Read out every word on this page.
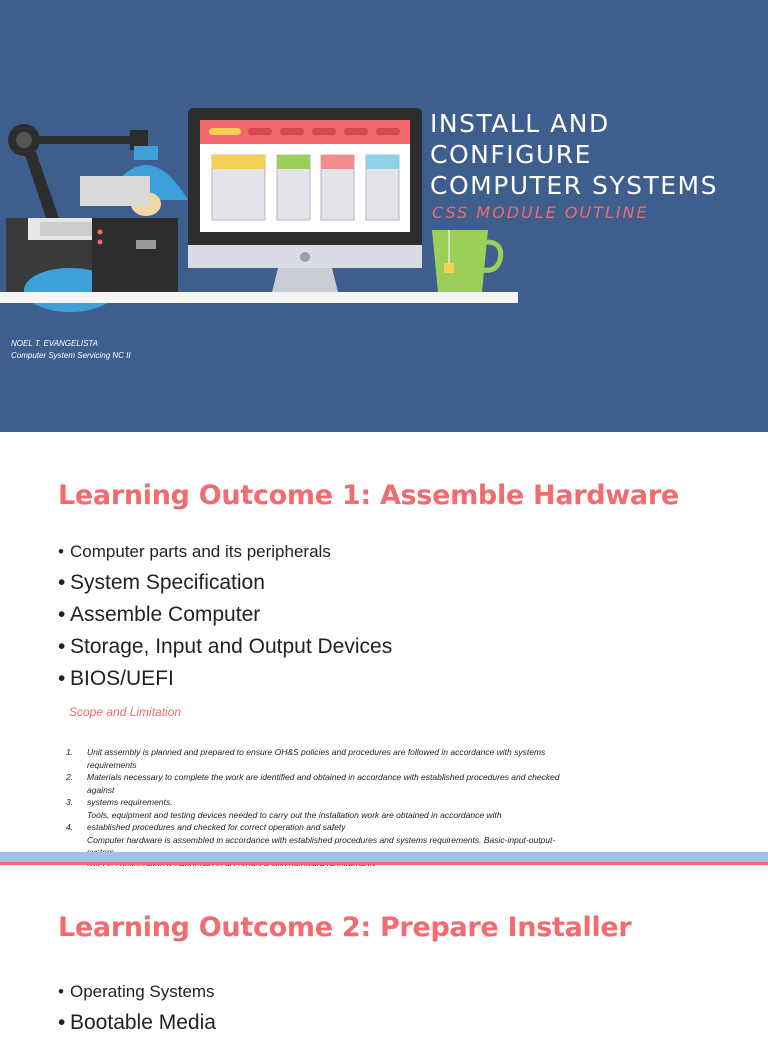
INSTALL AND
CONFIGURE
COMPUTER SYSTEMS
CSS MODULE OUTLINE
NOEL T. EVANGELISTA
Computer System Servicing NC II
Learning Outcome 1: Assemble Hardware
• Computer parts and its peripherals
• System Specification
• Assemble Computer
• Storage, Input and Output Devices
• BIOS/UEFI
Scope and Limitation
1. Unit assembly is planned and prepared to ensure OH&S policies and procedures are followed in accordance with systems
requirements
2. Materials necessary to complete the work are identified and obtained in accordance with established procedures and checked
against
3. systems requirements.
Tools, equipment and testing devices needed to carry out the installation work are obtained in accordance with
4. established procedures and checked for correct operation and safety
Computer hardware is assembled in accordance with established procedures and systems requirements. Basic-input-output-
Learning Outcome 2: Prepare Installer
• Operating Systems
• Bootable Media
